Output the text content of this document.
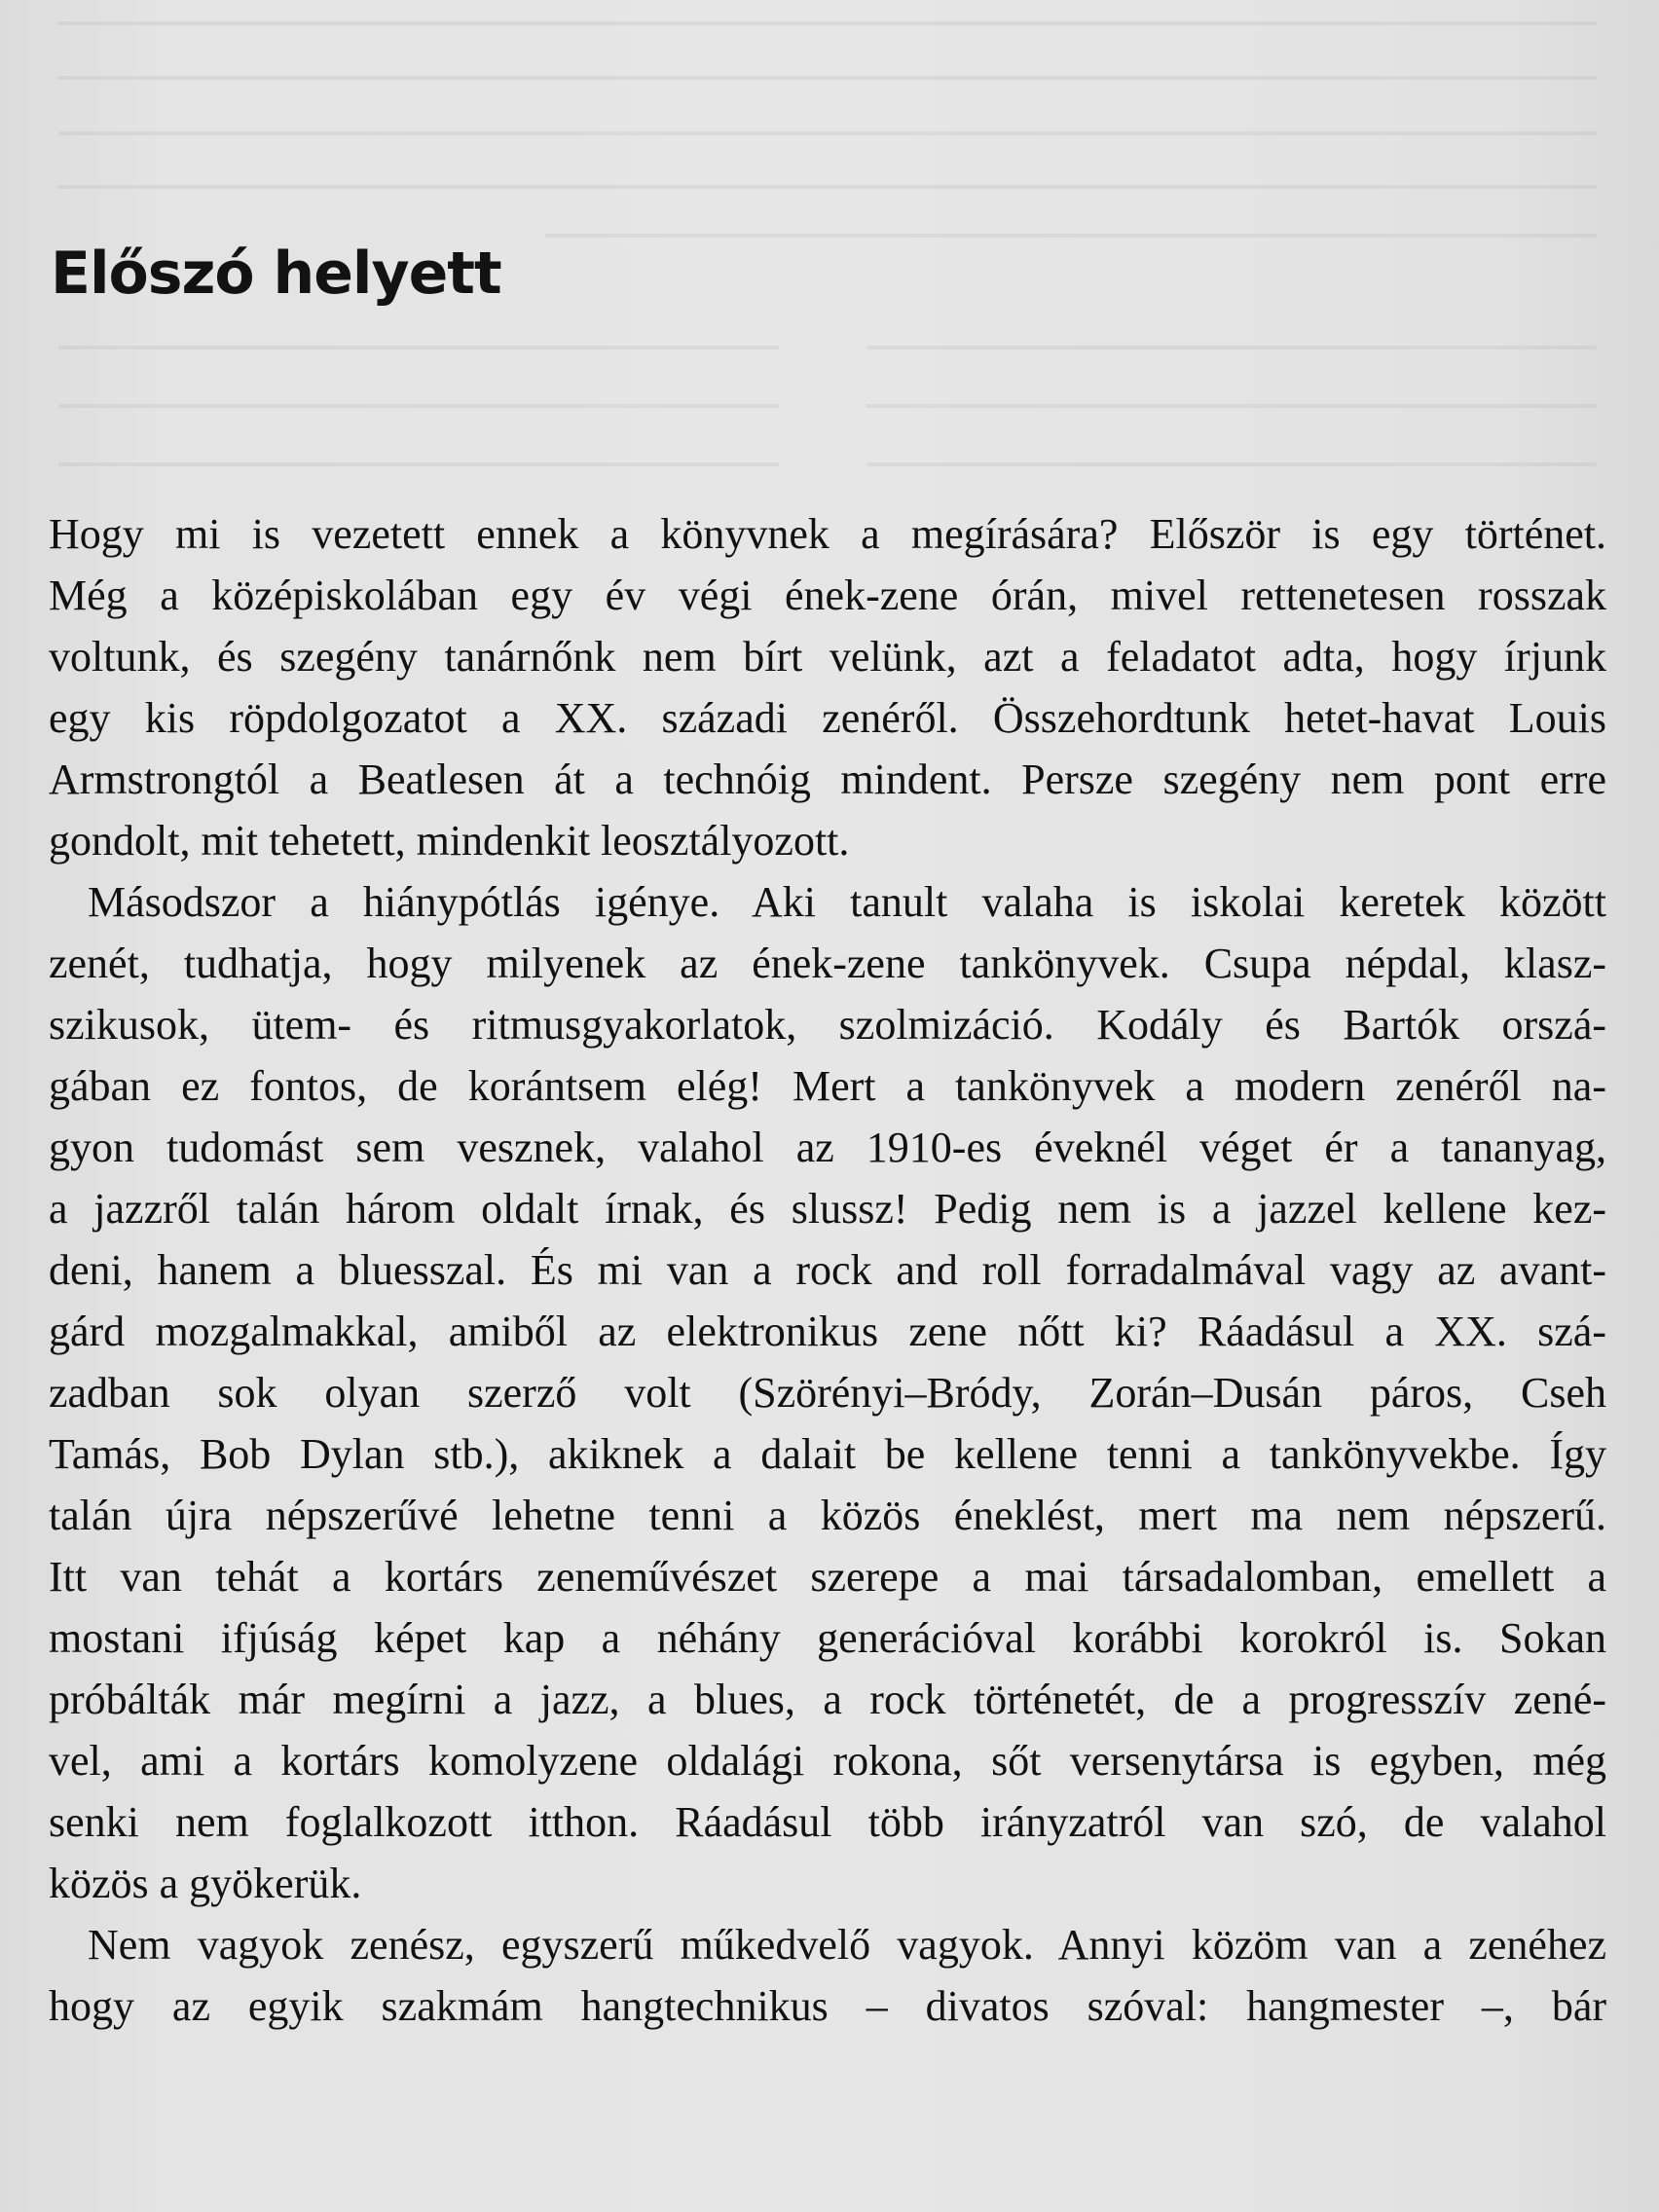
Előszó helyett

Hogy mi is vezetett ennek a könyvnek a megírására? Először is egy történet.
Még a középiskolában egy év végi ének-zene órán, mivel rettenetesen rosszak
voltunk, és szegény tanárnőnk nem bírt velünk, azt a feladatot adta, hogy írjunk
egy kis röpdolgozatot a XX. századi zenéről. Összehordtunk hetet-havat Louis
Armstrongtól a Beatlesen át a technóig mindent. Persze szegény nem pont erre
gondolt, mit tehetett, mindenkit leosztályozott.

Másodszor a hiánypótlás igénye. Aki tanult valaha is iskolai keretek között
zenét, tudhatja, hogy milyenek az ének-zene tankönyvek. Csupa népdal, klasz-
szikusok, ütem- és ritmusgyakorlatok, szolmizáció. Kodály és Bartók orszá-
gában ez fontos, de korántsem elég! Mert a tankönyvek a modern zenéről na-
gyon tudomást sem vesznek, valahol az 1910-es éveknél véget ér a tananyag,
a jazzről talán három oldalt írnak, és slussz! Pedig nem is a jazzel kellene kez-
deni, hanem a bluesszal. És mi van a rock and roll forradalmával vagy az avant-
gárd mozgalmakkal, amiből az elektronikus zene nőtt ki? Ráadásul a XX. szá-
zadban sok olyan szerző volt (Szörényi–Bródy, Zorán–Dusán páros, Cseh
Tamás, Bob Dylan stb.), akiknek a dalait be kellene tenni a tankönyvekbe. Így
talán újra népszerűvé lehetne tenni a közös éneklést, mert ma nem népszerű.
Itt van tehát a kortárs zeneművészet szerepe a mai társadalomban, emellett a
mostani ifjúság képet kap a néhány generációval korábbi korokról is. Sokan
próbálták már megírni a jazz, a blues, a rock történetét, de a progresszív zené-
vel, ami a kortárs komolyzene oldalági rokona, sőt versenytársa is egyben, még
senki nem foglalkozott itthon. Ráadásul több irányzatról van szó, de valahol
közös a gyökerük.

Nem vagyok zenész, egyszerű műkedvelő vagyok. Annyi közöm van a zenéhez
hogy az egyik szakmám hangtechnikus – divatos szóval: hangmester –, bár
